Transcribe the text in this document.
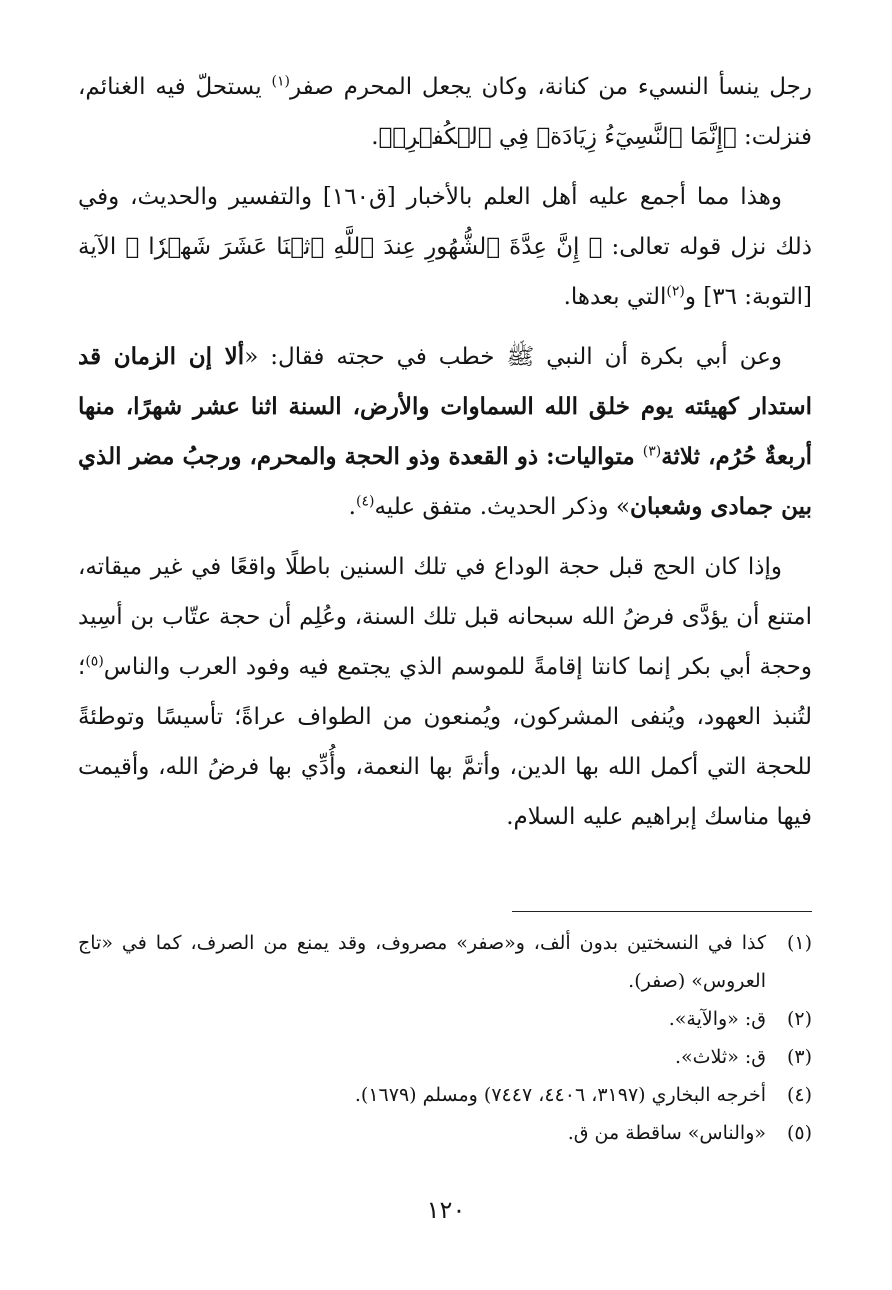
رجل ينسأ النسيء من كنانة، وكان يجعل المحرم صفر$^{(١)}$ يستحلّ فيه الغنائم، فنزلت: ﴿إِنَّمَا ٱلنَّسِيٓءُ زِيَادَةٞ فِي ٱلۡكُفۡرِۖ﴾.

وهذا مما أجمع عليه أهل العلم بالأخبار [ق١٦٠] والتفسير والحديث، وفي ذلك نزل قوله تعالى: ﴿ إِنَّ عِدَّةَ ٱلشُّهُورِ عِندَ ٱللَّهِ ٱثۡنَا عَشَرَ شَهۡرٗا ﴾ الآية [التوبة: ٣٦] و$^{(٢)}$التي بعدها.

وعن أبي بكرة أن النبي ﷺ خطب في حجته فقال: «ألا إن الزمان قد استدار كهيئته يوم خلق الله السماوات والأرض، السنة اثنا عشر شهرًا، منها أربعةٌ حُرُم، ثلاثة$^{(٣)}$ متواليات: ذو القعدة وذو الحجة والمحرم، ورجبُ مضر الذي بين جمادى وشعبان» وذكر الحديث. متفق عليه$^{(٤)}$.

وإذا كان الحج قبل حجة الوداع في تلك السنين باطلًا واقعًا في غير ميقاته، امتنع أن يؤدَّى فرضُ الله سبحانه قبل تلك السنة، وعُلِم أن حجة عتّاب بن أسِيد وحجة أبي بكر إنما كانتا إقامةً للموسم الذي يجتمع فيه وفود العرب والناس$^{(٥)}$؛ لتُنبذ العهود، ويُنفى المشركون، ويُمنعون من الطواف عراةً؛ تأسيسًا وتوطئةً للحجة التي أكمل الله بها الدين، وأتمَّ بها النعمة، وأُدِّي بها فرضُ الله، وأقيمت فيها مناسك إبراهيم عليه السلام.

(١)
كذا في النسختين بدون ألف، و«صفر» مصروف، وقد يمنع من الصرف، كما في «تاج العروس» (صفر).
(٢)
ق: «والآية».
(٣)
ق: «ثلاث».
(٤)
أخرجه البخاري (٣١٩٧، ٤٤٠٦، ٧٤٤٧) ومسلم (١٦٧٩).
(٥)
«والناس» ساقطة من ق.
١٢٠
